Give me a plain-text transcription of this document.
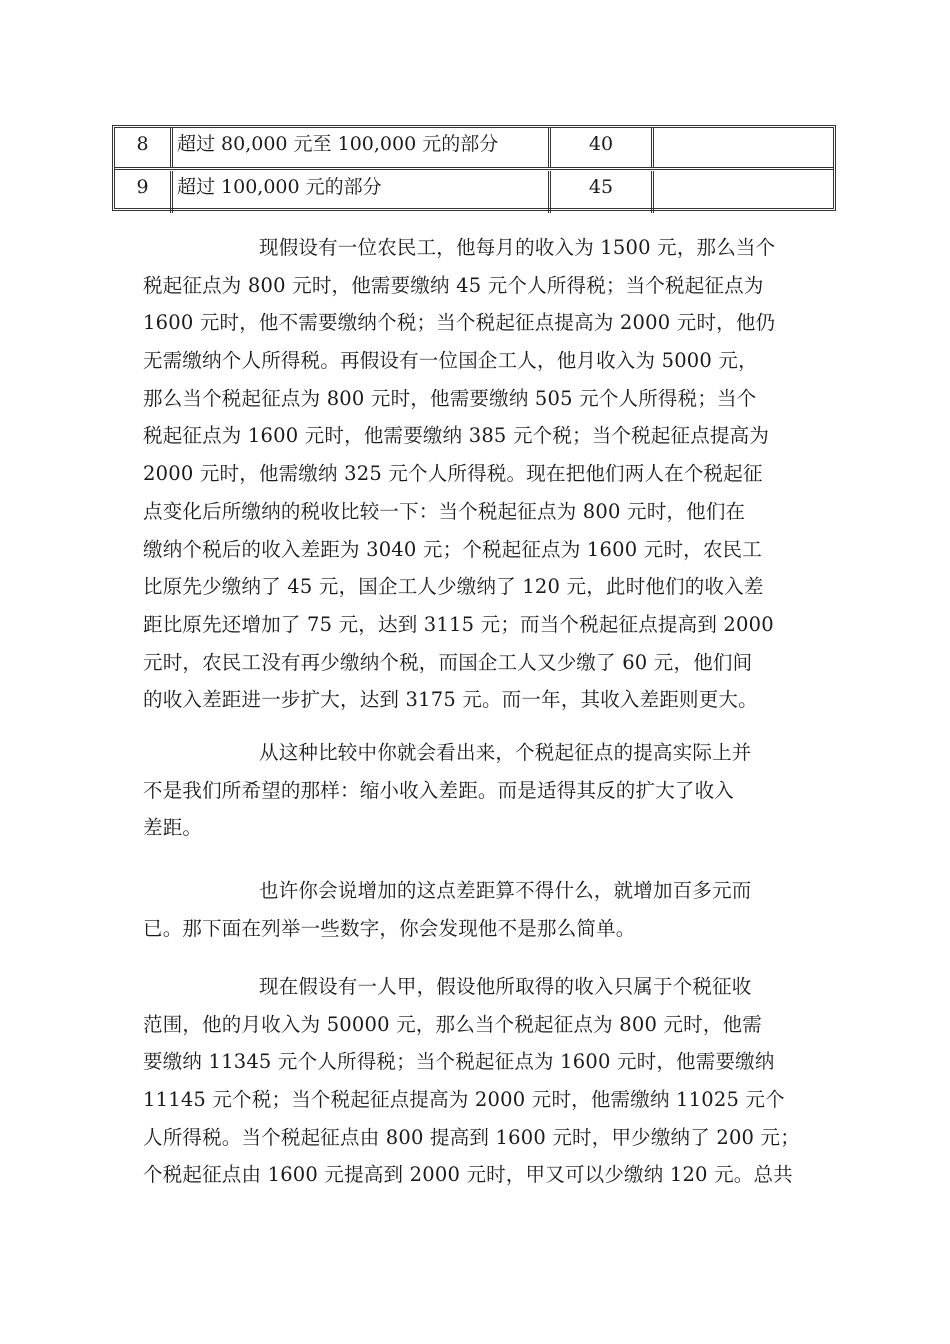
8	超过 80,000 元至 100,000 元的部分	40
9	超过 100,000 元的部分	45
现假设有一位农民工，他每月的收入为 1500 元，那么当个
税起征点为 800 元时，他需要缴纳 45 元个人所得税；当个税起征点为
1600 元时，他不需要缴纳个税；当个税起征点提高为 2000 元时，他仍
无需缴纳个人所得税。再假设有一位国企工人，他月收入为 5000 元，
那么当个税起征点为 800 元时，他需要缴纳 505 元个人所得税；当个
税起征点为 1600 元时，他需要缴纳 385 元个税；当个税起征点提高为
2000 元时，他需缴纳 325 元个人所得税。现在把他们两人在个税起征
点变化后所缴纳的税收比较一下：当个税起征点为 800 元时，他们在
缴纳个税后的收入差距为 3040 元；个税起征点为 1600 元时，农民工
比原先少缴纳了 45 元，国企工人少缴纳了 120 元，此时他们的收入差
距比原先还增加了 75 元，达到 3115 元；而当个税起征点提高到 2000
元时，农民工没有再少缴纳个税，而国企工人又少缴了 60 元，他们间
的收入差距进一步扩大，达到 3175 元。而一年，其收入差距则更大。
从这种比较中你就会看出来，个税起征点的提高实际上并
不是我们所希望的那样：缩小收入差距。而是适得其反的扩大了收入
差距。
也许你会说增加的这点差距算不得什么，就增加百多元而
已。那下面在列举一些数字，你会发现他不是那么简单。
现在假设有一人甲，假设他所取得的收入只属于个税征收
范围，他的月收入为 50000 元，那么当个税起征点为 800 元时，他需
要缴纳 11345 元个人所得税；当个税起征点为 1600 元时，他需要缴纳
11145 元个税；当个税起征点提高为 2000 元时，他需缴纳 11025 元个
人所得税。当个税起征点由 800 提高到 1600 元时，甲少缴纳了 200 元；
个税起征点由 1600 元提高到 2000 元时，甲又可以少缴纳 120 元。总共
